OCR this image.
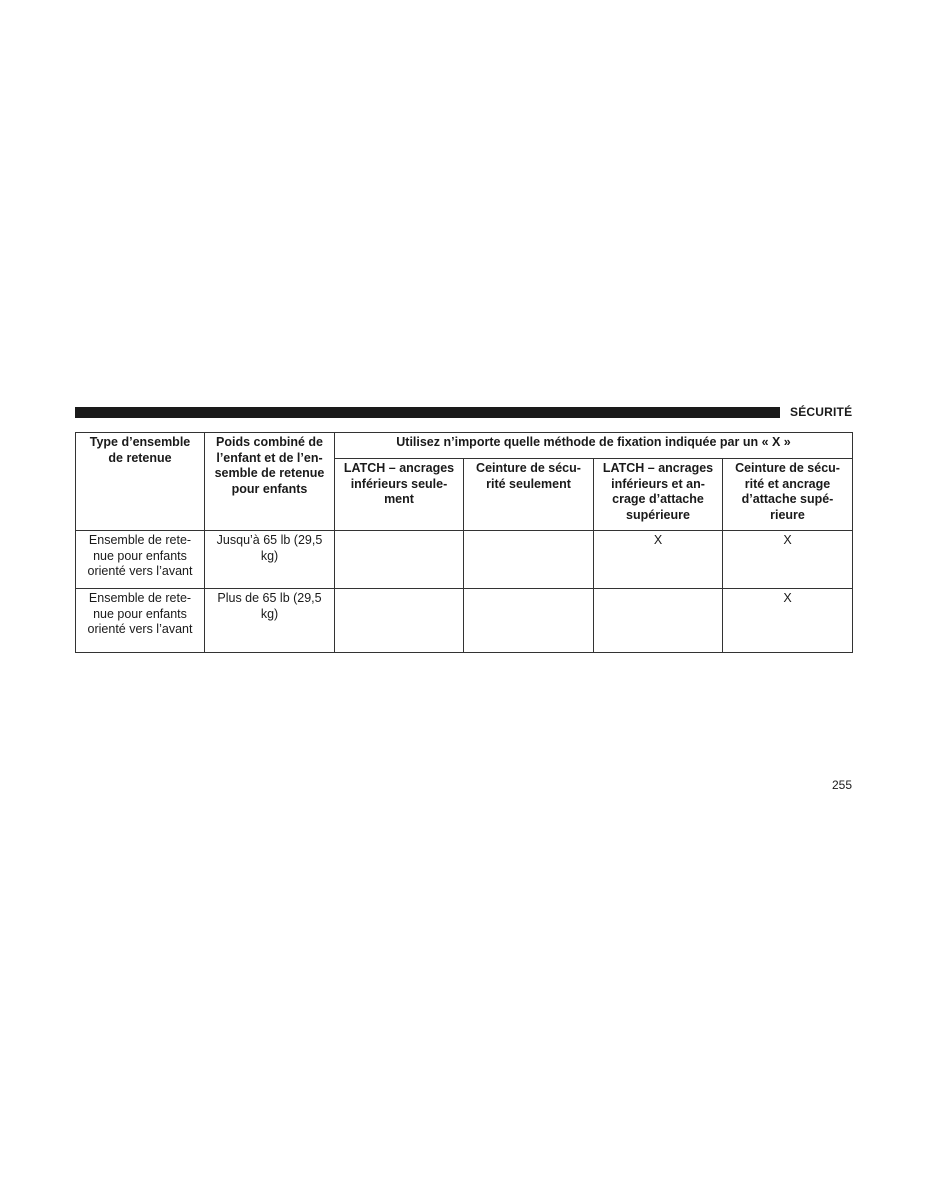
SÉCURITÉ
Type d’ensemble de retenue	Poids combiné de l’enfant et de l’en- semble de retenue pour enfants	Utilisez n’importe quelle méthode de fixation indiquée par un « X »			
		LATCH – ancrages inférieurs seule- ment	Ceinture de sécu- rité seulement	LATCH – ancrages inférieurs et an- crage d’attache supérieure	Ceinture de sécu- rité et ancrage d’attache supé- rieure
Ensemble de rete- nue pour enfants orienté vers l’avant	Jusqu’à 65 lb (29,5 kg)			X	X
Ensemble de rete- nue pour enfants orienté vers l’avant	Plus de 65 lb (29,5 kg)				X
255
